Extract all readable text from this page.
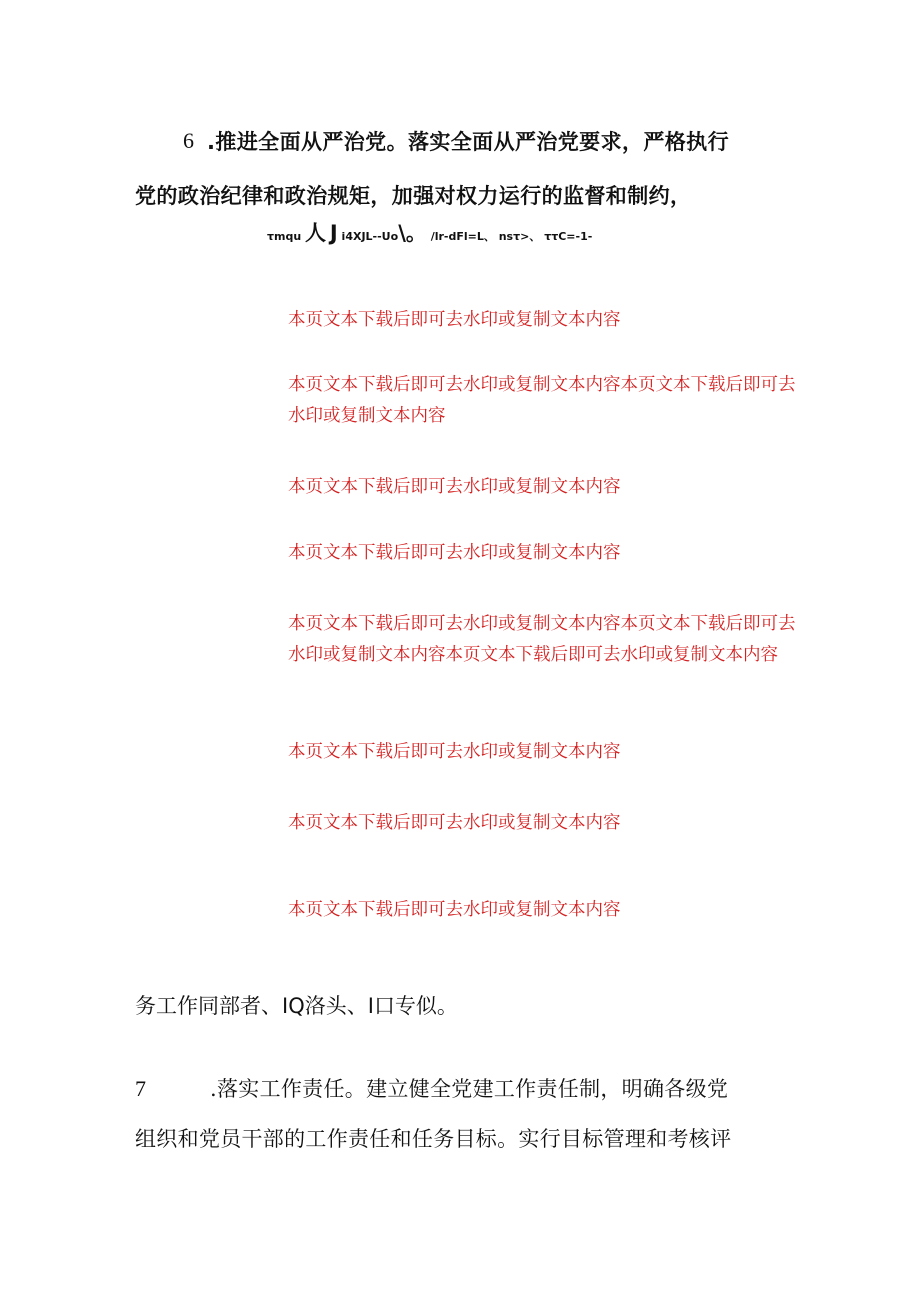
6 .推进全面从严治党。落实全面从严治党要求，严格执行
党的政治纪律和政治规矩，加强对权力运行的监督和制约，
τmqu 人 J i4XJL--Uo\。 /lr-dFl=L、 nsτ>、 ττC=-1-
本页文本下载后即可去水印或复制文本内容
本页文本下载后即可去水印或复制文本内容本页文本下载后即可去水印或复制文本内容
本页文本下载后即可去水印或复制文本内容
本页文本下载后即可去水印或复制文本内容
本页文本下载后即可去水印或复制文本内容本页文本下载后即可去水印或复制文本内容本页文本下载后即可去水印或复制文本内容
本页文本下载后即可去水印或复制文本内容
本页文本下载后即可去水印或复制文本内容
本页文本下载后即可去水印或复制文本内容
务工作同部者、IQ洛头、I口专似。
7	.落实工作责任。建立健全党建工作责任制，明确各级党
组织和党员干部的工作责任和任务目标。实行目标管理和考核评
